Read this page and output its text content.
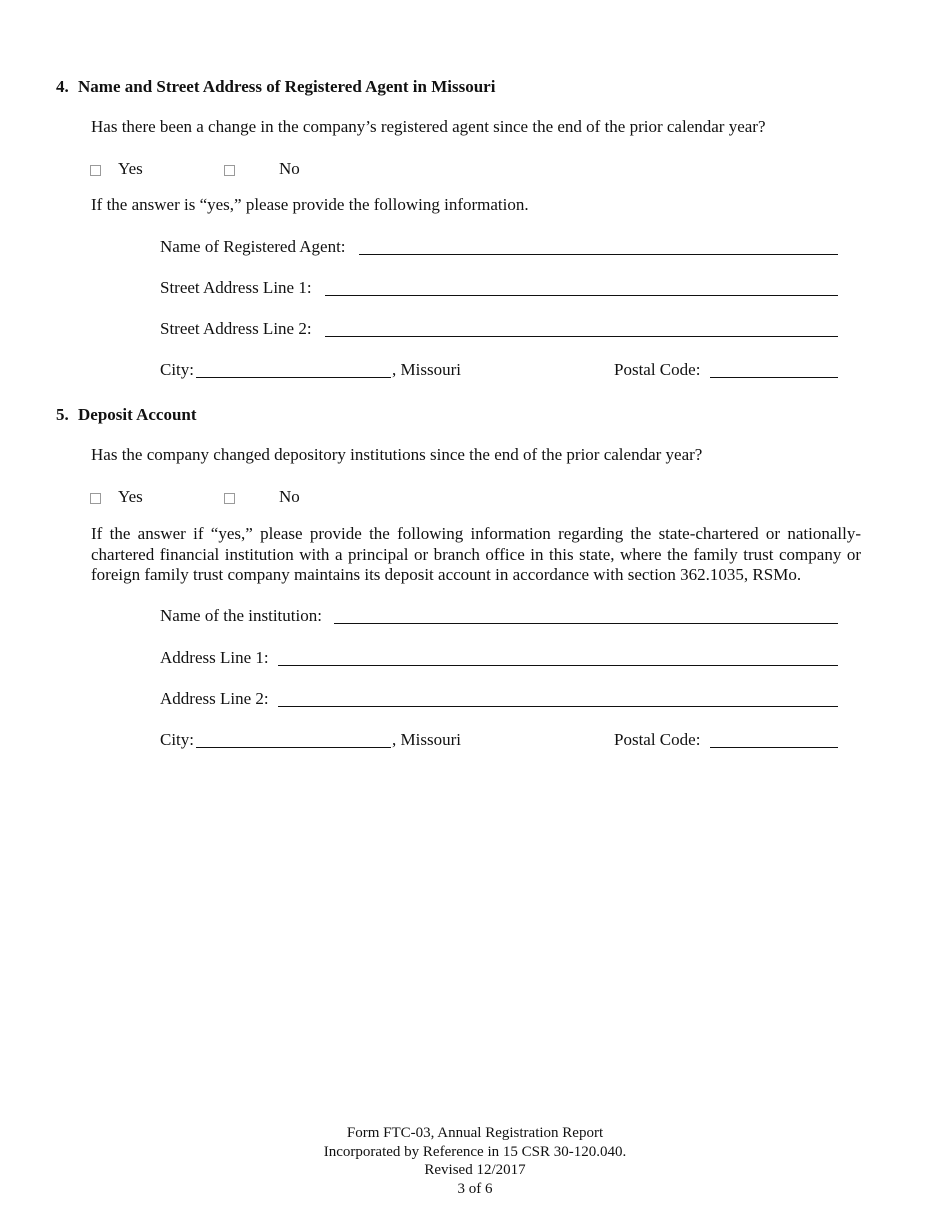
4. Name and Street Address of Registered Agent in Missouri
Has there been a change in the company’s registered agent since the end of the prior calendar year?
Yes	No
If the answer is “yes,” please provide the following information.
Name of Registered Agent:
Street Address Line 1:
Street Address Line 2:
City:	, Missouri	Postal Code:
5. Deposit Account
Has the company changed depository institutions since the end of the prior calendar year?
Yes	No
If the answer if “yes,” please provide the following information regarding the state-chartered or nationally-chartered financial institution with a principal or branch office in this state, where the family trust company or foreign family trust company maintains its deposit account in accordance with section 362.1035, RSMo.
Name of the institution:
Address Line 1:
Address Line 2:
City:	, Missouri	Postal Code:
Form FTC-03, Annual Registration Report
Incorporated by Reference in 15 CSR 30-120.040.
Revised 12/2017
3 of 6
